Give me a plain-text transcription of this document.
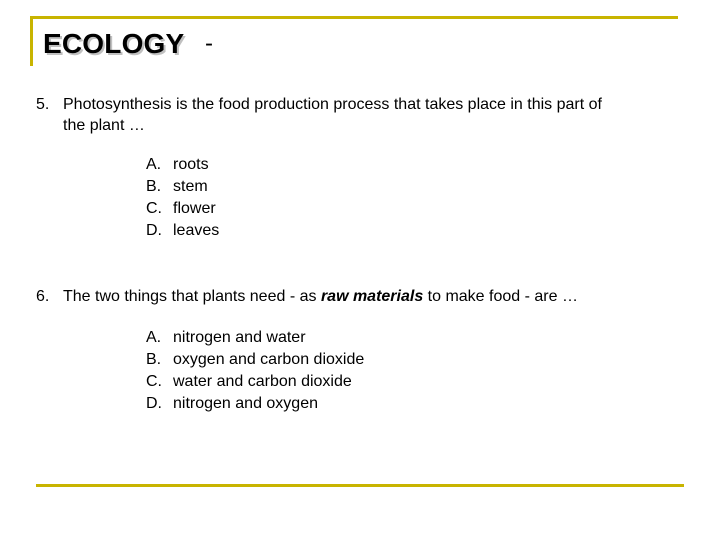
ECOLOGY -
5. Photosynthesis is the food production process that takes place in this part of
the plant …
A. roots
B. stem
C. flower
D. leaves
6. The two things that plants need - as raw materials to make food - are …
A. nitrogen and water
B. oxygen and carbon dioxide
C. water and carbon dioxide
D. nitrogen and oxygen
